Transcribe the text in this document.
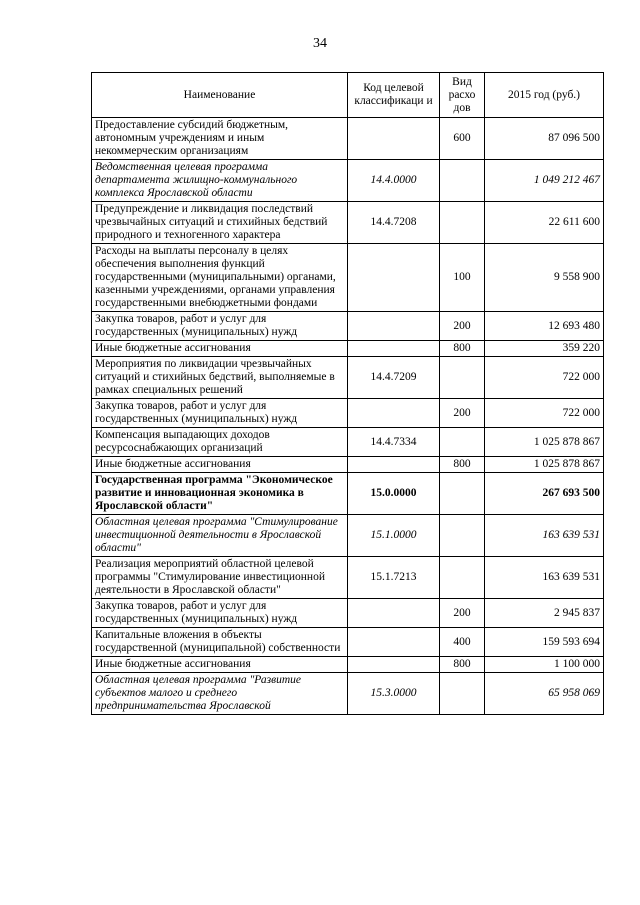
34
Наименование	Код целевой классификаци и	Вид расхо дов	2015 год (руб.)
Предоставление субсидий бюджетным, автономным учреждениям и иным некоммерческим организациям		600	87 096 500
Ведомственная целевая программа департамента жилищно-коммунального комплекса Ярославской области	14.4.0000		1 049 212 467
Предупреждение и ликвидация последствий чрезвычайных ситуаций и стихийных бедствий природного и техногенного характера	14.4.7208		22 611 600
Расходы на выплаты персоналу в целях обеспечения выполнения функций государственными (муниципальными) органами, казенными учреждениями, органами управления государственными внебюджетными фондами		100	9 558 900
Закупка товаров, работ и услуг для государственных (муниципальных) нужд		200	12 693 480
Иные бюджетные ассигнования		800	359 220
Мероприятия по ликвидации чрезвычайных ситуаций и стихийных бедствий, выполняемые в рамках специальных решений	14.4.7209		722 000
Закупка товаров, работ и услуг для государственных (муниципальных) нужд		200	722 000
Компенсация выпадающих доходов ресурсоснабжающих организаций	14.4.7334		1 025 878 867
Иные бюджетные ассигнования		800	1 025 878 867
Государственная программа "Экономическое развитие и инновационная экономика в Ярославской области"	15.0.0000		267 693 500
Областная целевая программа "Стимулирование инвестиционной деятельности в Ярославской области"	15.1.0000		163 639 531
Реализация мероприятий областной целевой программы "Стимулирование инвестиционной деятельности в Ярославской области"	15.1.7213		163 639 531
Закупка товаров, работ и услуг для государственных (муниципальных) нужд		200	2 945 837
Капитальные вложения в объекты государственной (муниципальной) собственности		400	159 593 694
Иные бюджетные ассигнования		800	1 100 000
Областная целевая программа "Развитие субъектов малого и среднего предпринимательства Ярославской	15.3.0000		65 958 069
